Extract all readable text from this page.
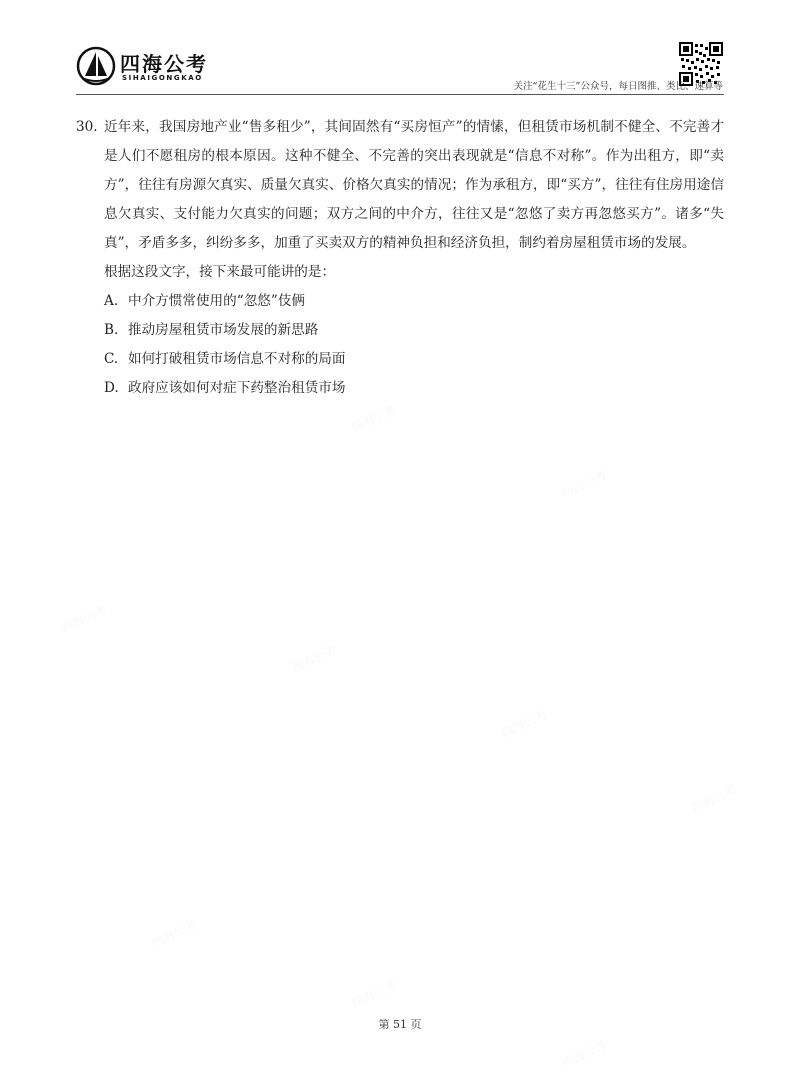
四海公考
SIHAIGONGKAO
关注“花生十三”公众号，每日图推、类比、速算等
30. 近年来，我国房地产业“售多租少”，其间固然有“买房恒产”的情愫，但租赁市场机制不健全、不完善才是人们不愿租房的根本原因。这种不健全、不完善的突出表现就是“信息不对称”。作为出租方，即“卖方”，往往有房源欠真实、质量欠真实、价格欠真实的情况；作为承租方，即“买方”，往往有住房用途信息欠真实、支付能力欠真实的问题；双方之间的中介方，往往又是“忽悠了卖方再忽悠买方”。诸多“失真”，矛盾多多，纠纷多多，加重了买卖双方的精神负担和经济负担，制约着房屋租赁市场的发展。

根据这段文字，接下来最可能讲的是：

A. 中介方惯常使用的“忽悠”伎俩

B. 推动房屋租赁市场发展的新思路

C. 如何打破租赁市场信息不对称的局面

D. 政府应该如何对症下药整治租赁市场

第 51 页
